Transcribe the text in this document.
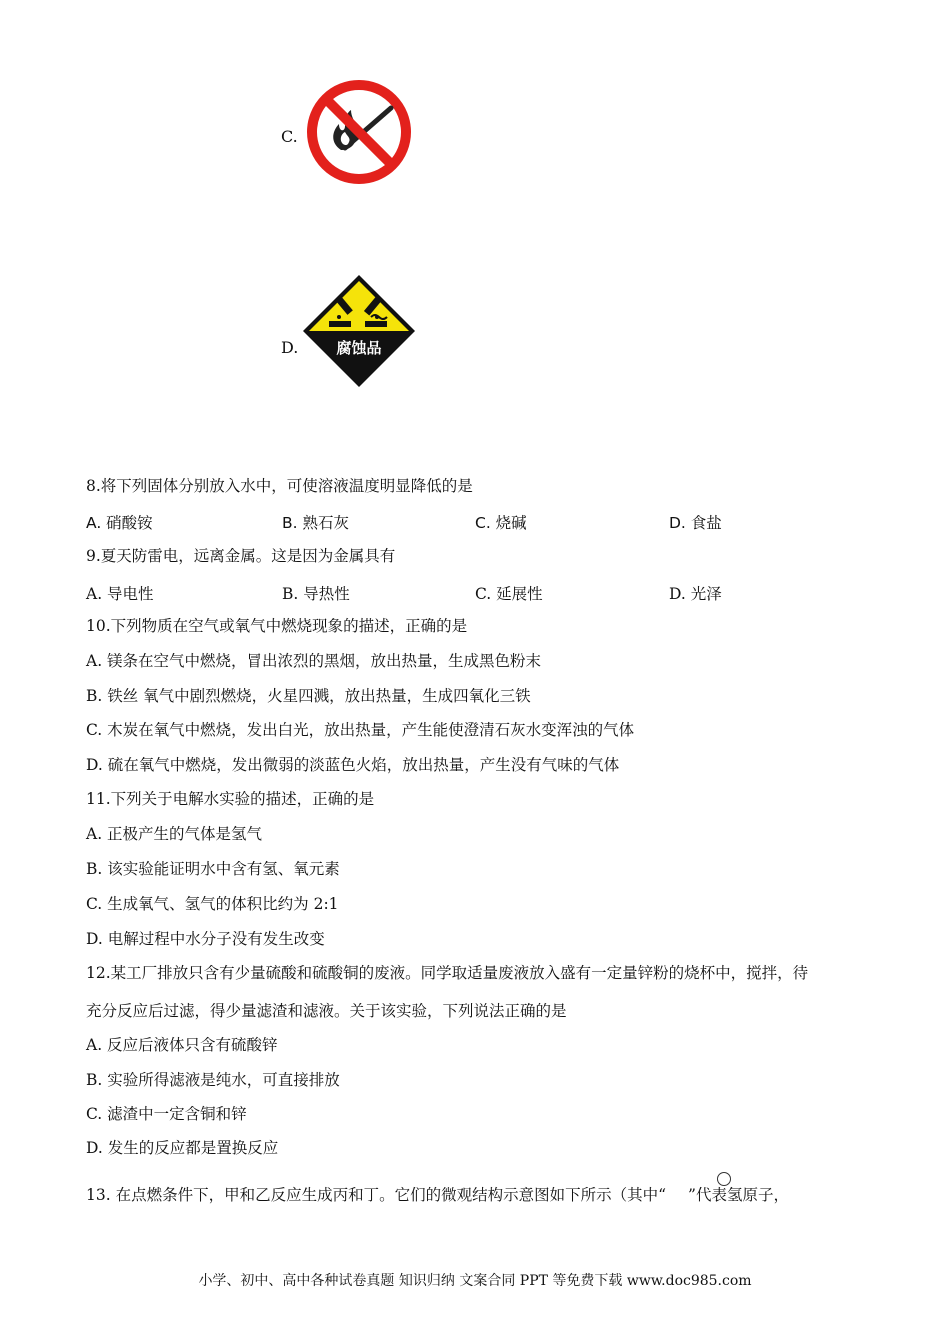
C.
D.	腐蚀品
8.将下列固体分别放入水中，可使溶液温度明显降低的是
A. 硝酸铵	B. 熟石灰	C. 烧碱	D. 食盐
9.夏天防雷电，远离金属。这是因为金属具有
A. 导电性	B. 导热性	C. 延展性	D. 光泽
10.下列物质在空气或氧气中燃烧现象的描述，正确的是
A. 镁条在空气中燃烧，冒出浓烈的黑烟，放出热量，生成黑色粉末
B. 铁丝 氧气中剧烈燃烧，火星四溅，放出热量，生成四氧化三铁
C. 木炭在氧气中燃烧，发出白光，放出热量，产生能使澄清石灰水变浑浊的气体
D. 硫在氧气中燃烧，发出微弱的淡蓝色火焰，放出热量，产生没有气味的气体
11.下列关于电解水实验的描述，正确的是
A. 正极产生的气体是氢气
B. 该实验能证明水中含有氢、氧元素
C. 生成氧气、氢气的体积比约为 2:1
D. 电解过程中水分子没有发生改变
12.某工厂排放只含有少量硫酸和硫酸铜的废液。同学取适量废液放入盛有一定量锌粉的烧杯中，搅拌，待
充分反应后过滤，得少量滤渣和滤液。关于该实验，下列说法正确的是
A. 反应后液体只含有硫酸锌
B. 实验所得滤液是纯水，可直接排放
C. 滤渣中一定含铜和锌
D. 发生的反应都是置换反应
13. 在点燃条件下，甲和乙反应生成丙和丁。它们的微观结构示意图如下所示（其中“ ”代表氢原子，
小学、初中、高中各种试卷真题 知识归纳 文案合同 PPT 等免费下载 www.doc985.com
